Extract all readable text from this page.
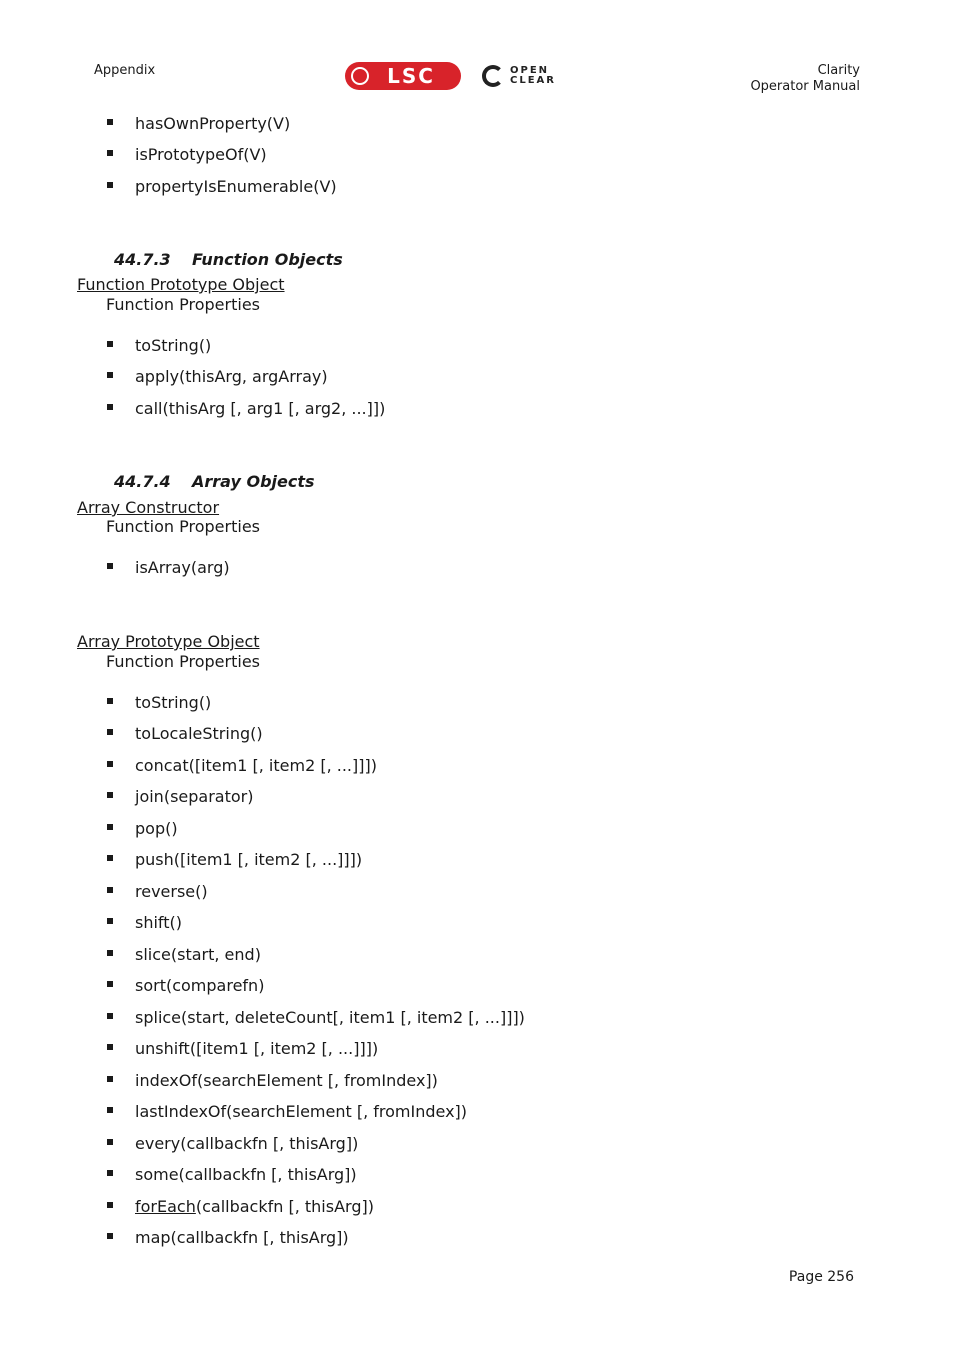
Appendix	LSC	OPEN
CLEAR
Clarity
Operator Manual
hasOwnProperty(V)
isPrototypeOf(V)
propertyIsEnumerable(V)
44.7.3 Function Objects
Function Prototype Object
Function Properties
toString()
apply(thisArg, argArray)
call(thisArg [, arg1 [, arg2, ...]])
44.7.4 Array Objects
Array Constructor
Function Properties
isArray(arg)
Array Prototype Object
Function Properties
toString()
toLocaleString()
concat([item1 [, item2 [, ...]]])
join(separator)
pop()
push([item1 [, item2 [, ...]]])
reverse()
shift()
slice(start, end)
sort(comparefn)
splice(start, deleteCount[, item1 [, item2 [, ...]]])
unshift([item1 [, item2 [, ...]]])
indexOf(searchElement [, fromIndex])
lastIndexOf(searchElement [, fromIndex])
every(callbackfn [, thisArg])
some(callbackfn [, thisArg])
forEach(callbackfn [, thisArg])
map(callbackfn [, thisArg])
Page 256
